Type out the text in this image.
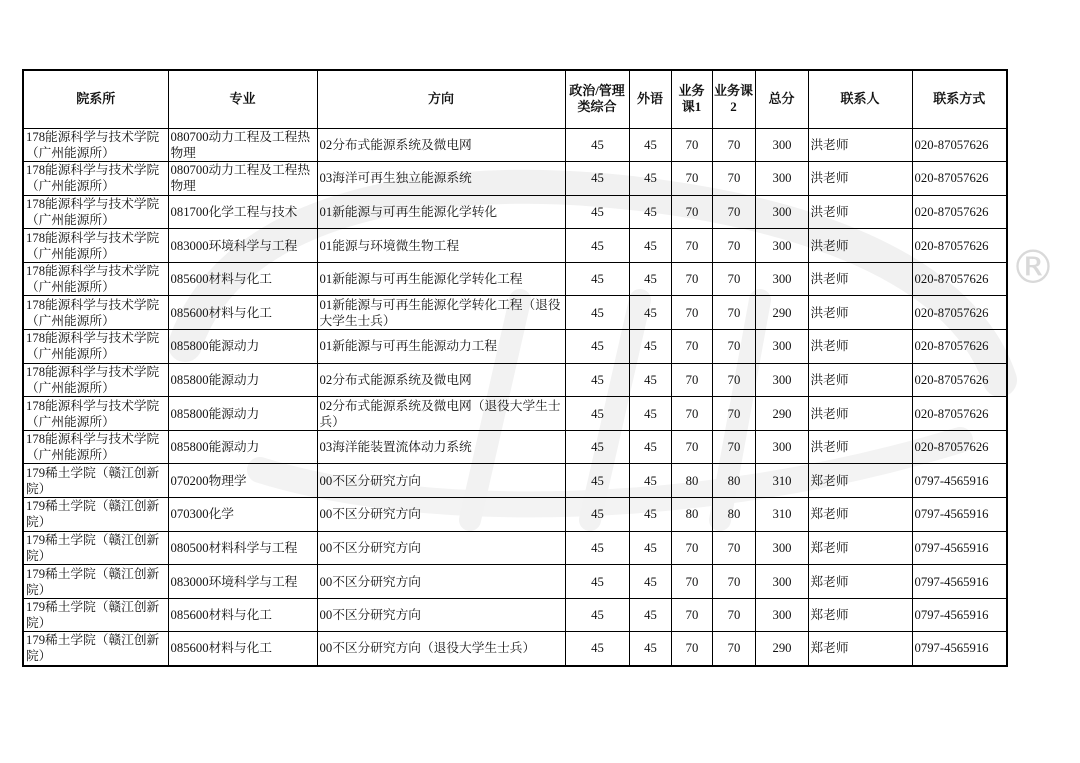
®
院系所	专业	方向	政治/管理类综合	外语	业务课1	业务课2	总分	联系人	联系方式
178能源科学与技术学院（广州能源所）	080700动力工程及工程热物理	02分布式能源系统及微电网	45	45	70	70	300	洪老师	020-87057626
178能源科学与技术学院（广州能源所）	080700动力工程及工程热物理	03海洋可再生独立能源系统	45	45	70	70	300	洪老师	020-87057626
178能源科学与技术学院（广州能源所）	081700化学工程与技术	01新能源与可再生能源化学转化	45	45	70	70	300	洪老师	020-87057626
178能源科学与技术学院（广州能源所）	083000环境科学与工程	01能源与环境微生物工程	45	45	70	70	300	洪老师	020-87057626
178能源科学与技术学院（广州能源所）	085600材料与化工	01新能源与可再生能源化学转化工程	45	45	70	70	300	洪老师	020-87057626
178能源科学与技术学院（广州能源所）	085600材料与化工	01新能源与可再生能源化学转化工程（退役大学生士兵）	45	45	70	70	290	洪老师	020-87057626
178能源科学与技术学院（广州能源所）	085800能源动力	01新能源与可再生能源动力工程	45	45	70	70	300	洪老师	020-87057626
178能源科学与技术学院（广州能源所）	085800能源动力	02分布式能源系统及微电网	45	45	70	70	300	洪老师	020-87057626
178能源科学与技术学院（广州能源所）	085800能源动力	02分布式能源系统及微电网（退役大学生士兵）	45	45	70	70	290	洪老师	020-87057626
178能源科学与技术学院（广州能源所）	085800能源动力	03海洋能装置流体动力系统	45	45	70	70	300	洪老师	020-87057626
179稀土学院（赣江创新院）	070200物理学	00不区分研究方向	45	45	80	80	310	郑老师	0797-4565916
179稀土学院（赣江创新院）	070300化学	00不区分研究方向	45	45	80	80	310	郑老师	0797-4565916
179稀土学院（赣江创新院）	080500材料科学与工程	00不区分研究方向	45	45	70	70	300	郑老师	0797-4565916
179稀土学院（赣江创新院）	083000环境科学与工程	00不区分研究方向	45	45	70	70	300	郑老师	0797-4565916
179稀土学院（赣江创新院）	085600材料与化工	00不区分研究方向	45	45	70	70	300	郑老师	0797-4565916
179稀土学院（赣江创新院）	085600材料与化工	00不区分研究方向（退役大学生士兵）	45	45	70	70	290	郑老师	0797-4565916
